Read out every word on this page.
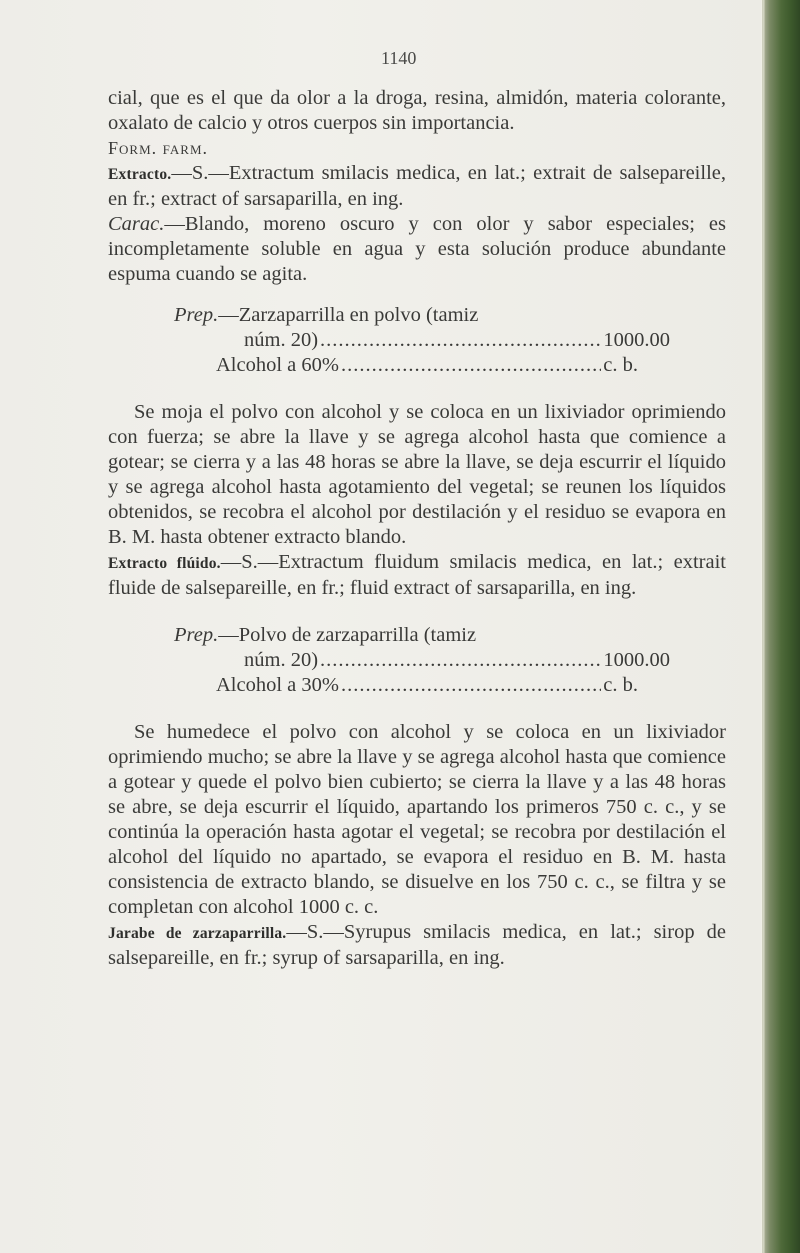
1140

cial, que es el que da olor a la droga, resina, almidón, materia colorante, oxalato de calcio y otros cuerpos sin importancia.

Form. farm.

Extracto.—S.—Extractum smilacis medica, en lat.; extrait de salsepareille, en fr.; extract of sarsaparilla, en ing.

Carac.—Blando, moreno oscuro y con olor y sabor especiales; es incompletamente soluble en agua y esta solución produce abundante espuma cuando se agita.

Prep.—Zarzaparrilla en polvo (tamiz

núm. 20) .....	1000.00
Alcohol a 60% .....	c. b.

Se moja el polvo con alcohol y se coloca en un lixiviador oprimiendo con fuerza; se abre la llave y se agrega alcohol hasta que comience a gotear; se cierra y a las 48 horas se abre la llave, se deja escurrir el líquido y se agrega alcohol hasta agotamiento del vegetal; se reunen los líquidos obtenidos, se recobra el alcohol por destilación y el residuo se evapora en B. M. hasta obtener extracto blando.

Extracto flúido.—S.—Extractum fluidum smilacis medica, en lat.; extrait fluide de salsepareille, en fr.; fluid extract of sarsaparilla, en ing.

Prep.—Polvo de zarzaparrilla (tamiz

núm. 20) .....	1000.00
Alcohol a 30% .....	c. b.

Se humedece el polvo con alcohol y se coloca en un lixiviador oprimiendo mucho; se abre la llave y se agrega alcohol hasta que comience a gotear y quede el polvo bien cubierto; se cierra la llave y a las 48 horas se abre, se deja escurrir el líquido, apartando los primeros 750 c. c., y se continúa la operación hasta agotar el vegetal; se recobra por destilación el alcohol del líquido no apartado, se evapora el residuo en B. M. hasta consistencia de extracto blando, se disuelve en los 750 c. c., se filtra y se completan con alcohol 1000 c. c.

Jarabe de zarzaparrilla.—S.—Syrupus smilacis medica, en lat.; sirop de salsepareille, en fr.; syrup of sarsaparilla, en ing.
